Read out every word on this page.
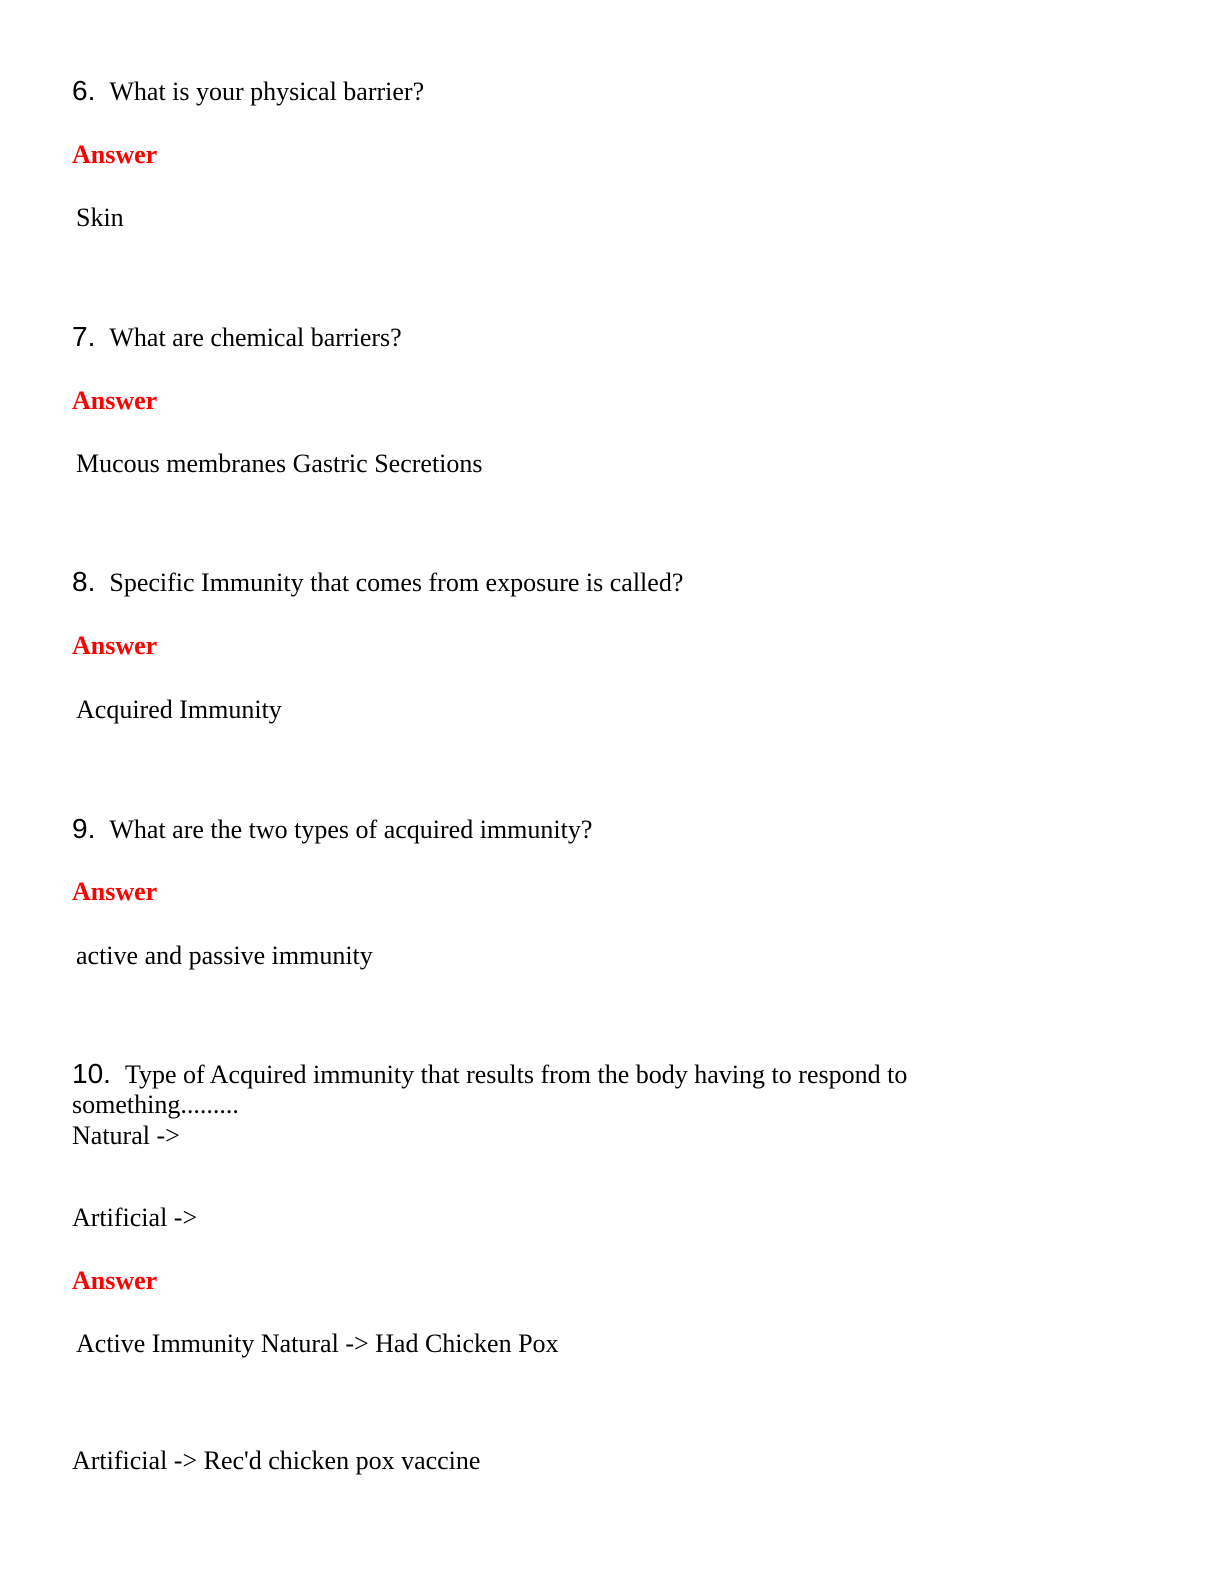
6. What is your physical barrier?
Answer
Skin
7. What are chemical barriers?
Answer
Mucous membranes Gastric Secretions
8. Specific Immunity that comes from exposure is called?
Answer
Acquired Immunity
9. What are the two types of acquired immunity?
Answer
active and passive immunity
10. Type of Acquired immunity that results from the body having to respond to
something.........
Natural ->
Artificial ->
Answer
Active Immunity Natural -> Had Chicken Pox
Artificial -> Rec'd chicken pox vaccine
